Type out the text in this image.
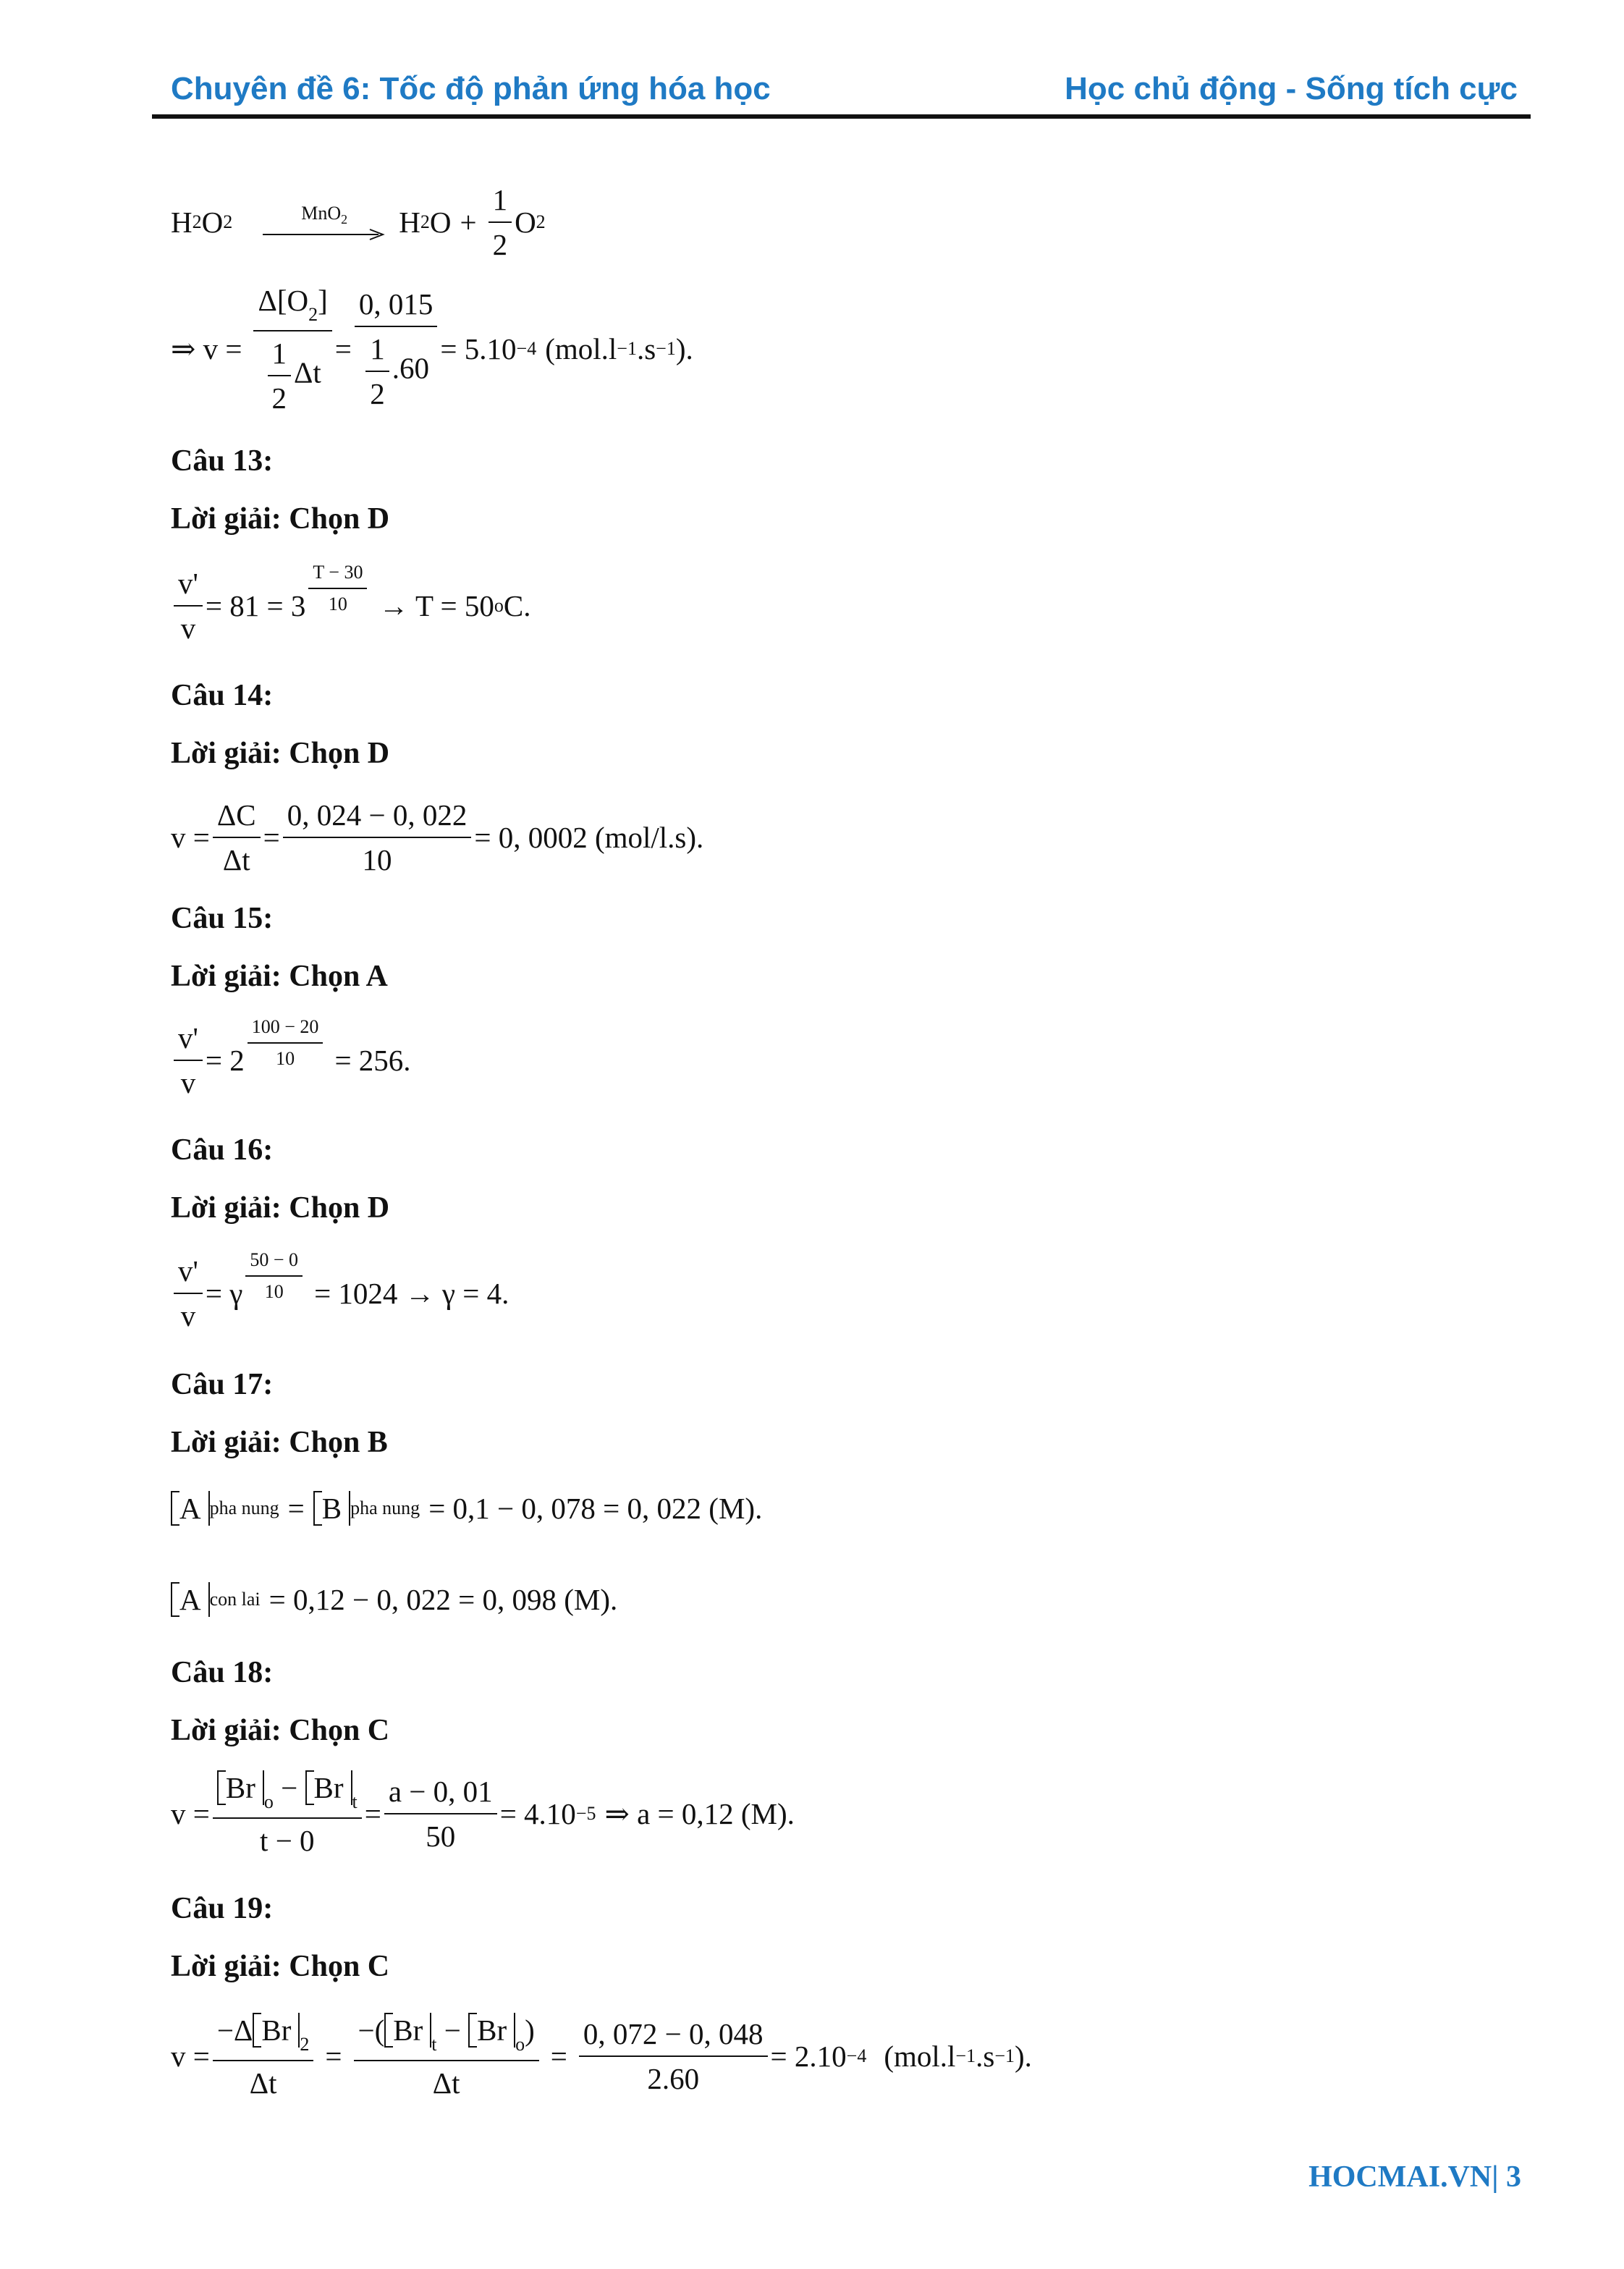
Chuyên đề 6: Tốc độ phản ứng hóa học	Học chủ động - Sống tích cực
H 2 O 2	MnO$_2$ H 2 $O + \frac{1}{2}$ O 2
⇒ $v = \frac{\Delta[O_2]}{\frac{1}{2} \Delta t} = \frac{0, 015}{\frac{1}{2} .60} = 5.10 -4$ (mol.l −1 .s −1 ).
Câu 13:
Lời giải: Chọn D
$\frac{v'}{v} = 81 = 3 \frac{T - 30}{10} \to T = 50$ o C.
Câu 14:
Lời giải: Chọn D
$v = \frac{\Delta C}{\Delta t} = \frac{0, 024 - 0, 022}{10} = 0$, 0002 (mol/l.s).
Câu 15:
Lời giải: Chọn A
$\frac{v'}{v} = 2 \frac{100 - 20}{10} = 256$.
Câu 16:
Lời giải: Chọn D
$\frac{v'}{v} = \gamma \frac{50 - 0}{10} = 1024 \to \gamma = 4$.
Câu 17:
Lời giải: Chọn B
A pha nung = B pha nung = 0,1 − 0, 078 = 0, 022 (M).
A con lai = 0,12 − 0, 022 = 0, 098 (M).
Câu 18:
Lời giải: Chọn C
$v = \frac{Br _o - Br _t}{t - 0} = \frac{a - 0, 01}{50} = 4.10 -5$ ⇒ a = 0,12 (M).
Câu 19:
Lời giải: Chọn C
$v = \frac{-\Delta Br _2}{\Delta t} = \frac{-( Br _t - Br _o)}{\Delta t} = \frac{0, 072 - 0, 048}{2.60} = 2.10 -4$ (mol.l −1 .s −1 ).
HOCMAI.VN| 3
